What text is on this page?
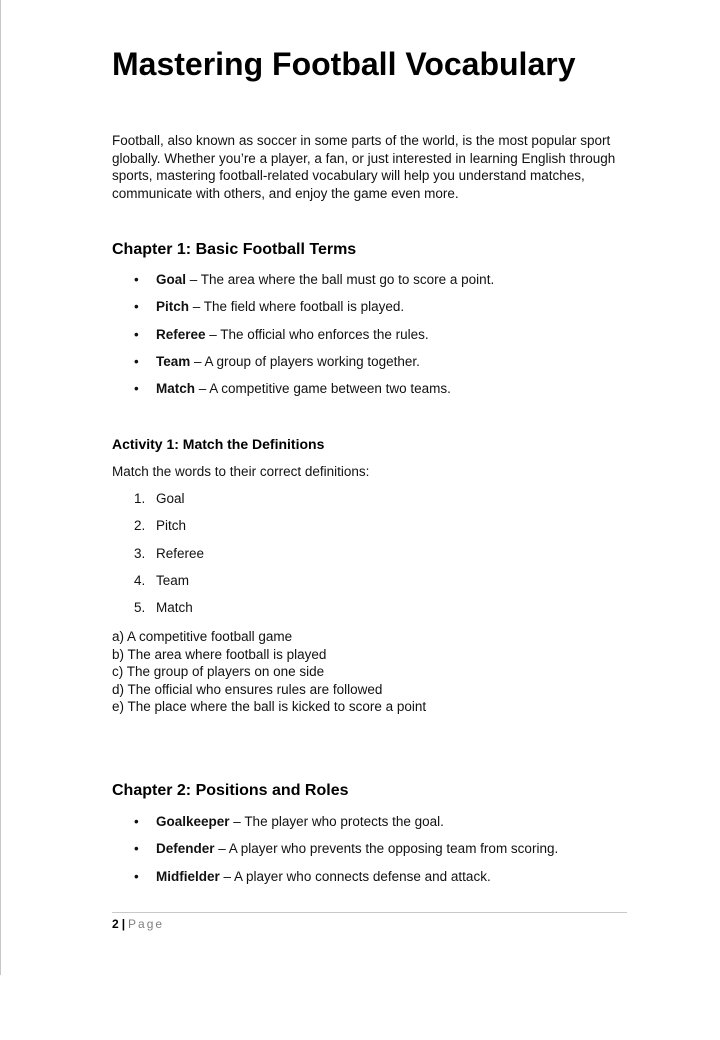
Mastering Football Vocabulary

Football, also known as soccer in some parts of the world, is the most popular sport globally. Whether you’re a player, a fan, or just interested in learning English through sports, mastering football-related vocabulary will help you understand matches, communicate with others, and enjoy the game even more.

Chapter 1: Basic Football Terms
• Goal – The area where the ball must go to score a point.
• Pitch – The field where football is played.
• Referee – The official who enforces the rules.
• Team – A group of players working together.
• Match – A competitive game between two teams.
Activity 1: Match the Definitions

Match the words to their correct definitions:

1. Goal
2. Pitch
3. Referee
4. Team
5. Match
a) A competitive football game
b) The area where football is played
c) The group of players on one side
d) The official who ensures rules are followed
e) The place where the ball is kicked to score a point
Chapter 2: Positions and Roles
• Goalkeeper – The player who protects the goal.
• Defender – A player who prevents the opposing team from scoring.
• Midfielder – A player who connects defense and attack.
2 | Page
